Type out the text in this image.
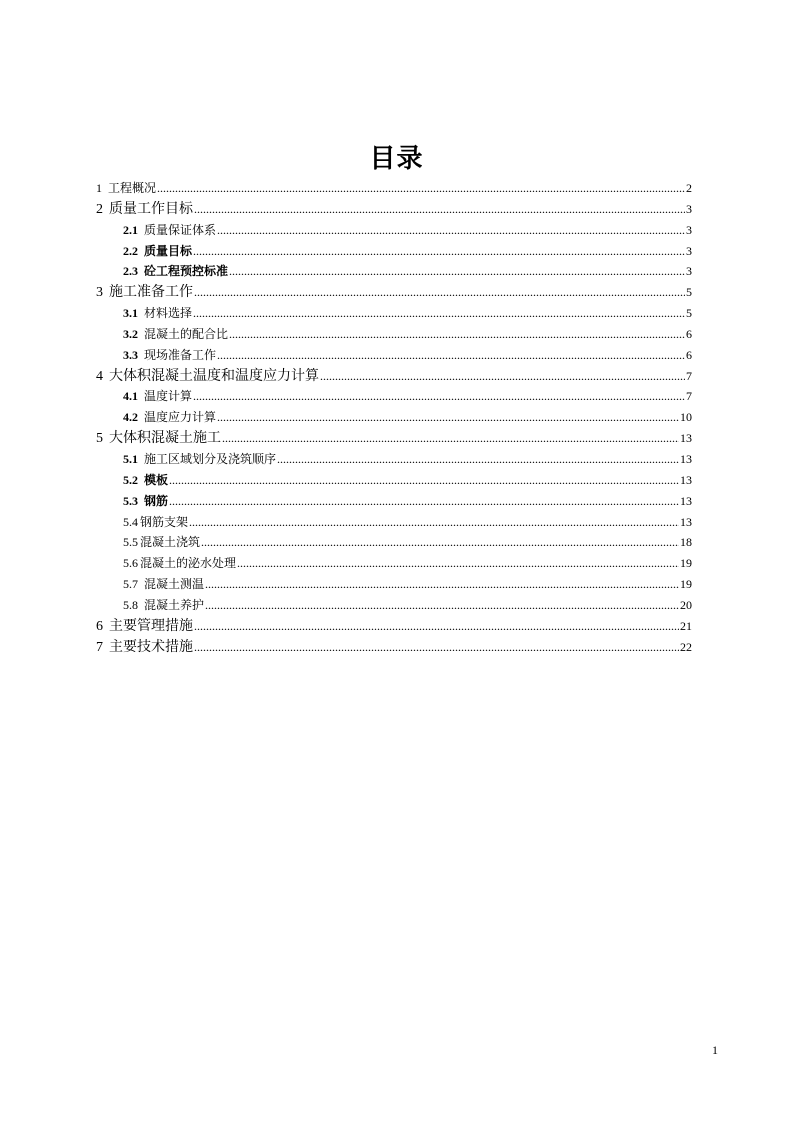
目录
1 工程概况 .....	2
2 质量工作目标 .....	3
2.1 质量保证体系 .....	3
2.2 质量目标 .....	3
2.3 砼工程预控标准 .....	3
3 施工准备工作 .....	5
3.1 材料选择 .....	5
3.2 混凝土的配合比 .....	6
3.3 现场准备工作 .....	6
4 大体积混凝土温度和温度应力计算 .....	7
4.1 温度计算 .....	7
4.2 温度应力计算 .....	10
5 大体积混凝土施工 .....	13
5.1 施工区域划分及浇筑顺序 .....	13
5.2 模板 .....	13
5.3 钢筋 .....	13
5.4 钢筋支架 .....	13
5.5 混凝土浇筑 .....	18
5.6 混凝土的泌水处理 .....	19
5.7 混凝土测温 .....	19
5.8 混凝土养护 .....	20
6 主要管理措施 .....	21
7 主要技术措施 .....	22
1
